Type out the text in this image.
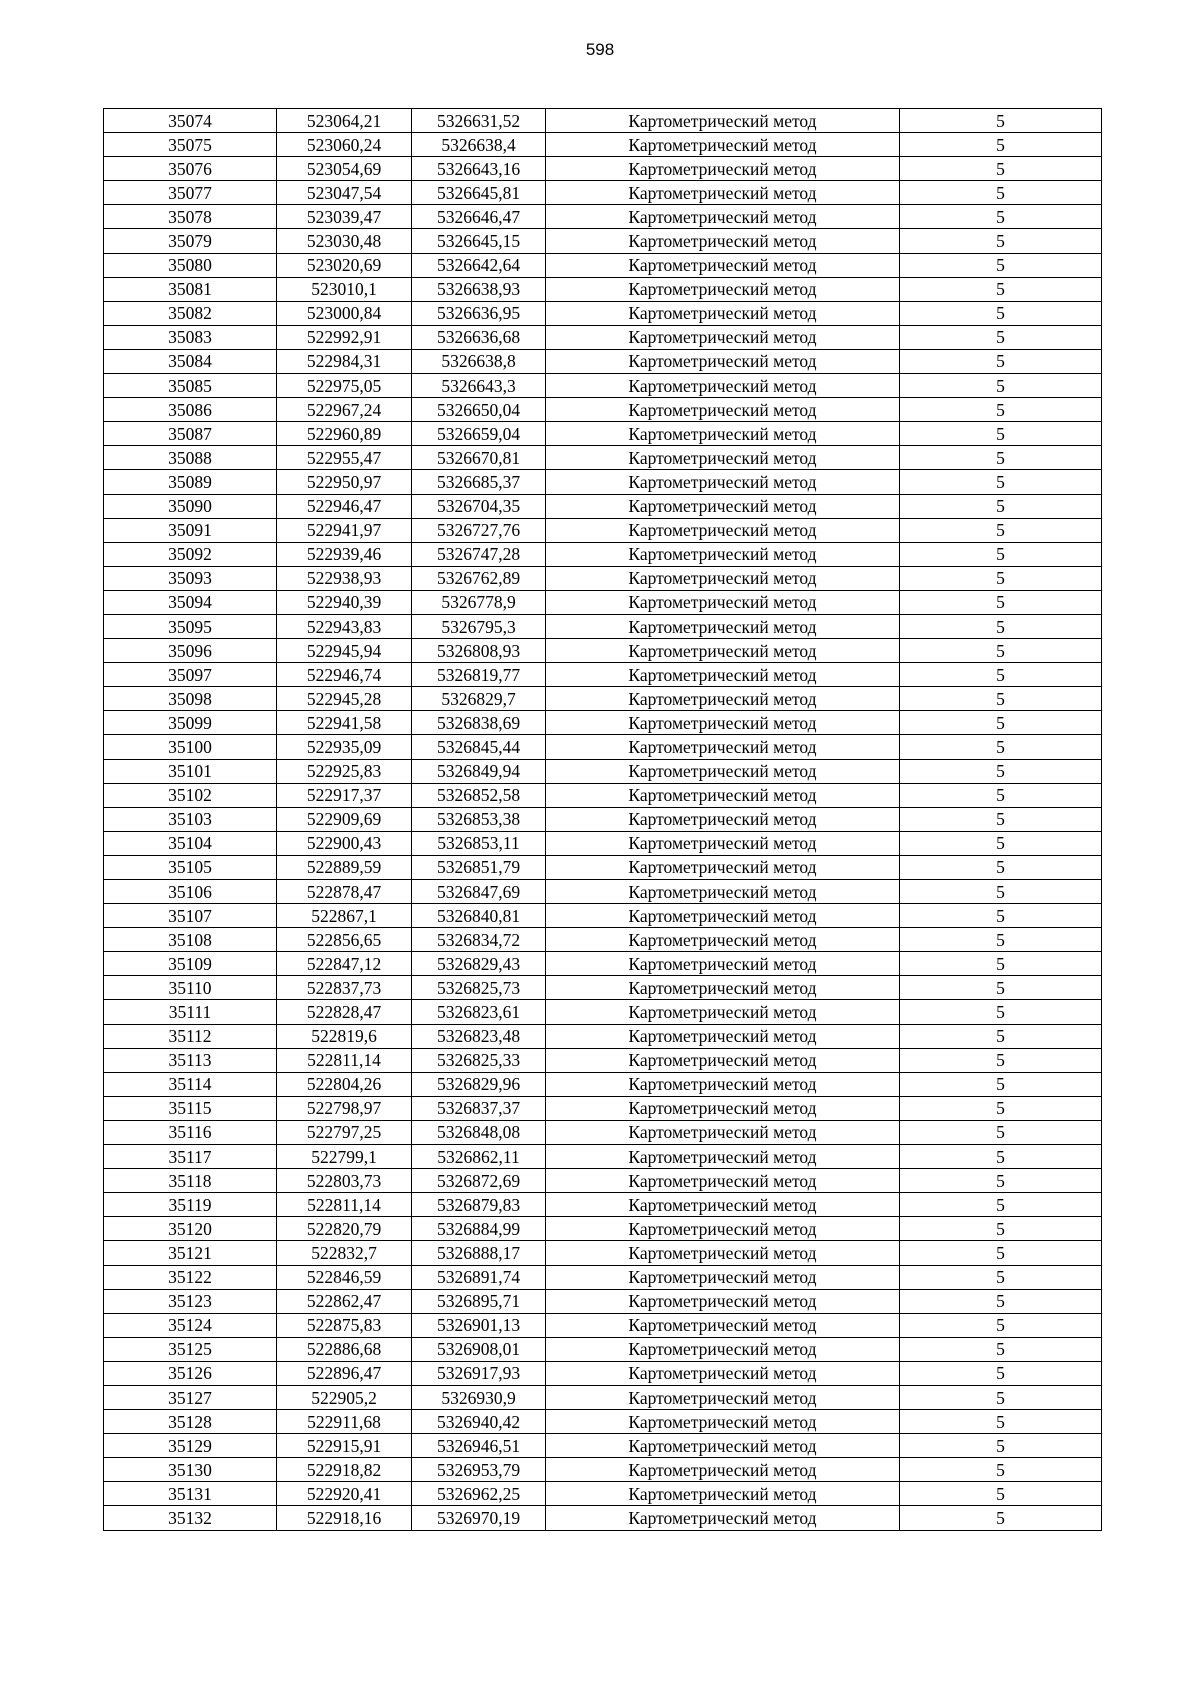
598
35074	523064,21	5326631,52	Картометрический метод	5
35075	523060,24	5326638,4	Картометрический метод	5
35076	523054,69	5326643,16	Картометрический метод	5
35077	523047,54	5326645,81	Картометрический метод	5
35078	523039,47	5326646,47	Картометрический метод	5
35079	523030,48	5326645,15	Картометрический метод	5
35080	523020,69	5326642,64	Картометрический метод	5
35081	523010,1	5326638,93	Картометрический метод	5
35082	523000,84	5326636,95	Картометрический метод	5
35083	522992,91	5326636,68	Картометрический метод	5
35084	522984,31	5326638,8	Картометрический метод	5
35085	522975,05	5326643,3	Картометрический метод	5
35086	522967,24	5326650,04	Картометрический метод	5
35087	522960,89	5326659,04	Картометрический метод	5
35088	522955,47	5326670,81	Картометрический метод	5
35089	522950,97	5326685,37	Картометрический метод	5
35090	522946,47	5326704,35	Картометрический метод	5
35091	522941,97	5326727,76	Картометрический метод	5
35092	522939,46	5326747,28	Картометрический метод	5
35093	522938,93	5326762,89	Картометрический метод	5
35094	522940,39	5326778,9	Картометрический метод	5
35095	522943,83	5326795,3	Картометрический метод	5
35096	522945,94	5326808,93	Картометрический метод	5
35097	522946,74	5326819,77	Картометрический метод	5
35098	522945,28	5326829,7	Картометрический метод	5
35099	522941,58	5326838,69	Картометрический метод	5
35100	522935,09	5326845,44	Картометрический метод	5
35101	522925,83	5326849,94	Картометрический метод	5
35102	522917,37	5326852,58	Картометрический метод	5
35103	522909,69	5326853,38	Картометрический метод	5
35104	522900,43	5326853,11	Картометрический метод	5
35105	522889,59	5326851,79	Картометрический метод	5
35106	522878,47	5326847,69	Картометрический метод	5
35107	522867,1	5326840,81	Картометрический метод	5
35108	522856,65	5326834,72	Картометрический метод	5
35109	522847,12	5326829,43	Картометрический метод	5
35110	522837,73	5326825,73	Картометрический метод	5
35111	522828,47	5326823,61	Картометрический метод	5
35112	522819,6	5326823,48	Картометрический метод	5
35113	522811,14	5326825,33	Картометрический метод	5
35114	522804,26	5326829,96	Картометрический метод	5
35115	522798,97	5326837,37	Картометрический метод	5
35116	522797,25	5326848,08	Картометрический метод	5
35117	522799,1	5326862,11	Картометрический метод	5
35118	522803,73	5326872,69	Картометрический метод	5
35119	522811,14	5326879,83	Картометрический метод	5
35120	522820,79	5326884,99	Картометрический метод	5
35121	522832,7	5326888,17	Картометрический метод	5
35122	522846,59	5326891,74	Картометрический метод	5
35123	522862,47	5326895,71	Картометрический метод	5
35124	522875,83	5326901,13	Картометрический метод	5
35125	522886,68	5326908,01	Картометрический метод	5
35126	522896,47	5326917,93	Картометрический метод	5
35127	522905,2	5326930,9	Картометрический метод	5
35128	522911,68	5326940,42	Картометрический метод	5
35129	522915,91	5326946,51	Картометрический метод	5
35130	522918,82	5326953,79	Картометрический метод	5
35131	522920,41	5326962,25	Картометрический метод	5
35132	522918,16	5326970,19	Картометрический метод	5
